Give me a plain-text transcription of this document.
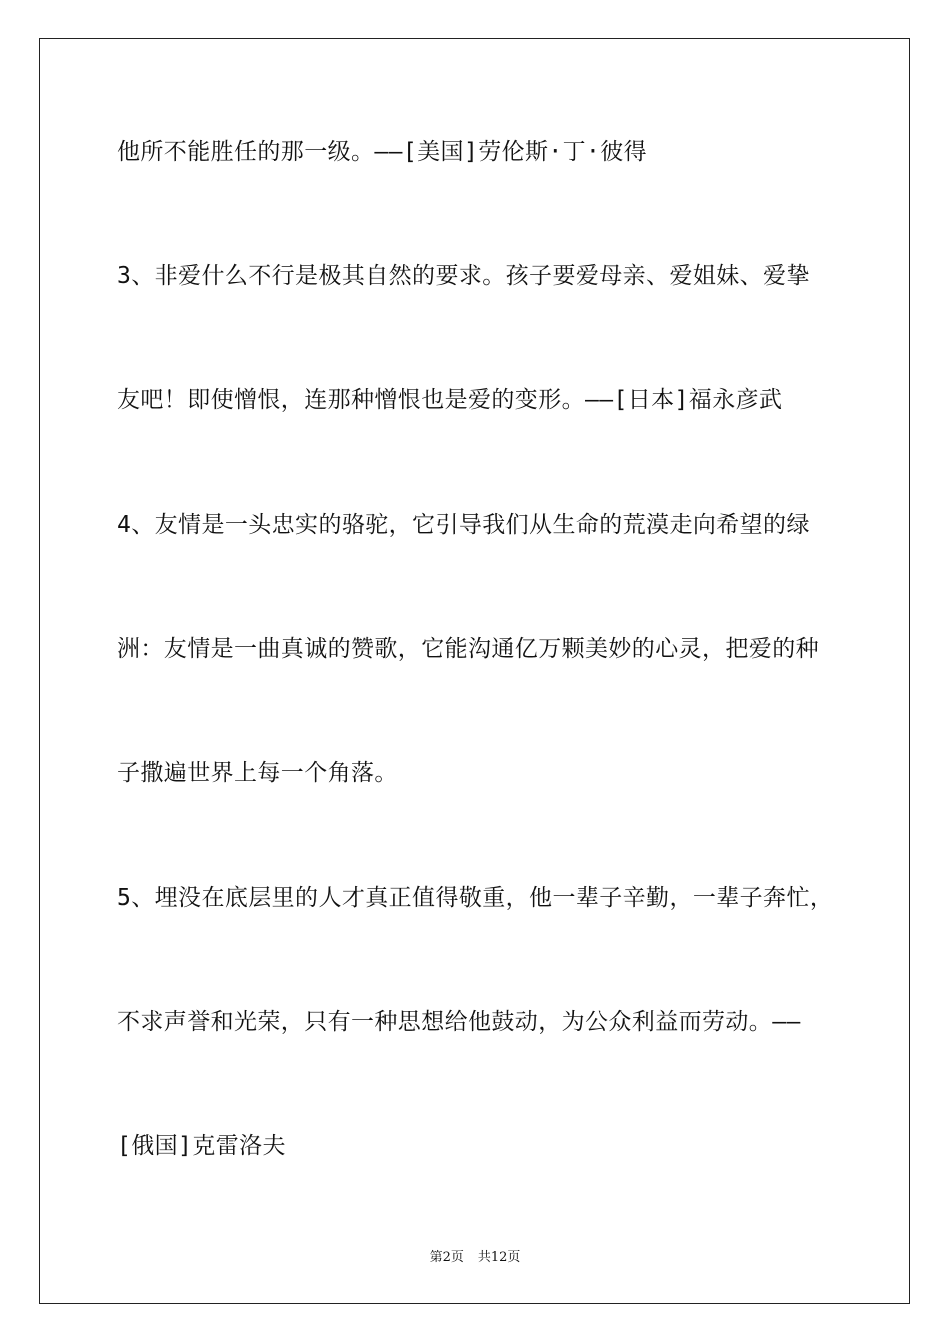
他所不能胜任的那一级。——[美国]劳伦斯·丁·彼得
3、非爱什么不行是极其自然的要求。孩子要爱母亲、爱姐妹、爱挚
友吧！即使憎恨，连那种憎恨也是爱的变形。——[日本]福永彦武
4、友情是一头忠实的骆驼，它引导我们从生命的荒漠走向希望的绿
洲：友情是一曲真诚的赞歌，它能沟通亿万颗美妙的心灵，把爱的种
子撒遍世界上每一个角落。
5、埋没在底层里的人才真正值得敬重，他一辈子辛勤，一辈子奔忙，
不求声誉和光荣，只有一种思想给他鼓动，为公众利益而劳动。——
[俄国]克雷洛夫
第2页 共12页
